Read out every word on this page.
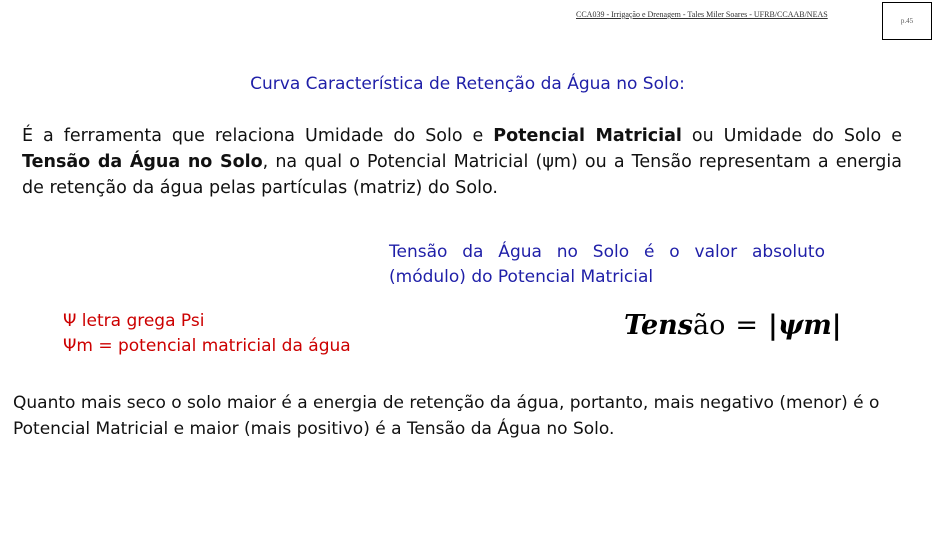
CCA039 - Irrigação e Drenagem - Tales Miler Soares - UFRB/CCAAB/NEAS
p.45
Curva Característica de Retenção da Água no Solo:
É a ferramenta que relaciona Umidade do Solo e Potencial Matricial ou Umidade do Solo e Tensão da Água no Solo, na qual o Potencial Matricial (ψm) ou a Tensão representam a energia de retenção da água pelas partículas (matriz) do Solo.
Tensão da Água no Solo é o valor absoluto (módulo) do Potencial Matricial
Ψ letra grega Psi
Ψm = potencial matricial da água
Tensão = |ψm|
Quanto mais seco o solo maior é a energia de retenção da água, portanto, mais negativo (menor) é o Potencial Matricial e maior (mais positivo) é a Tensão da Água no Solo.
